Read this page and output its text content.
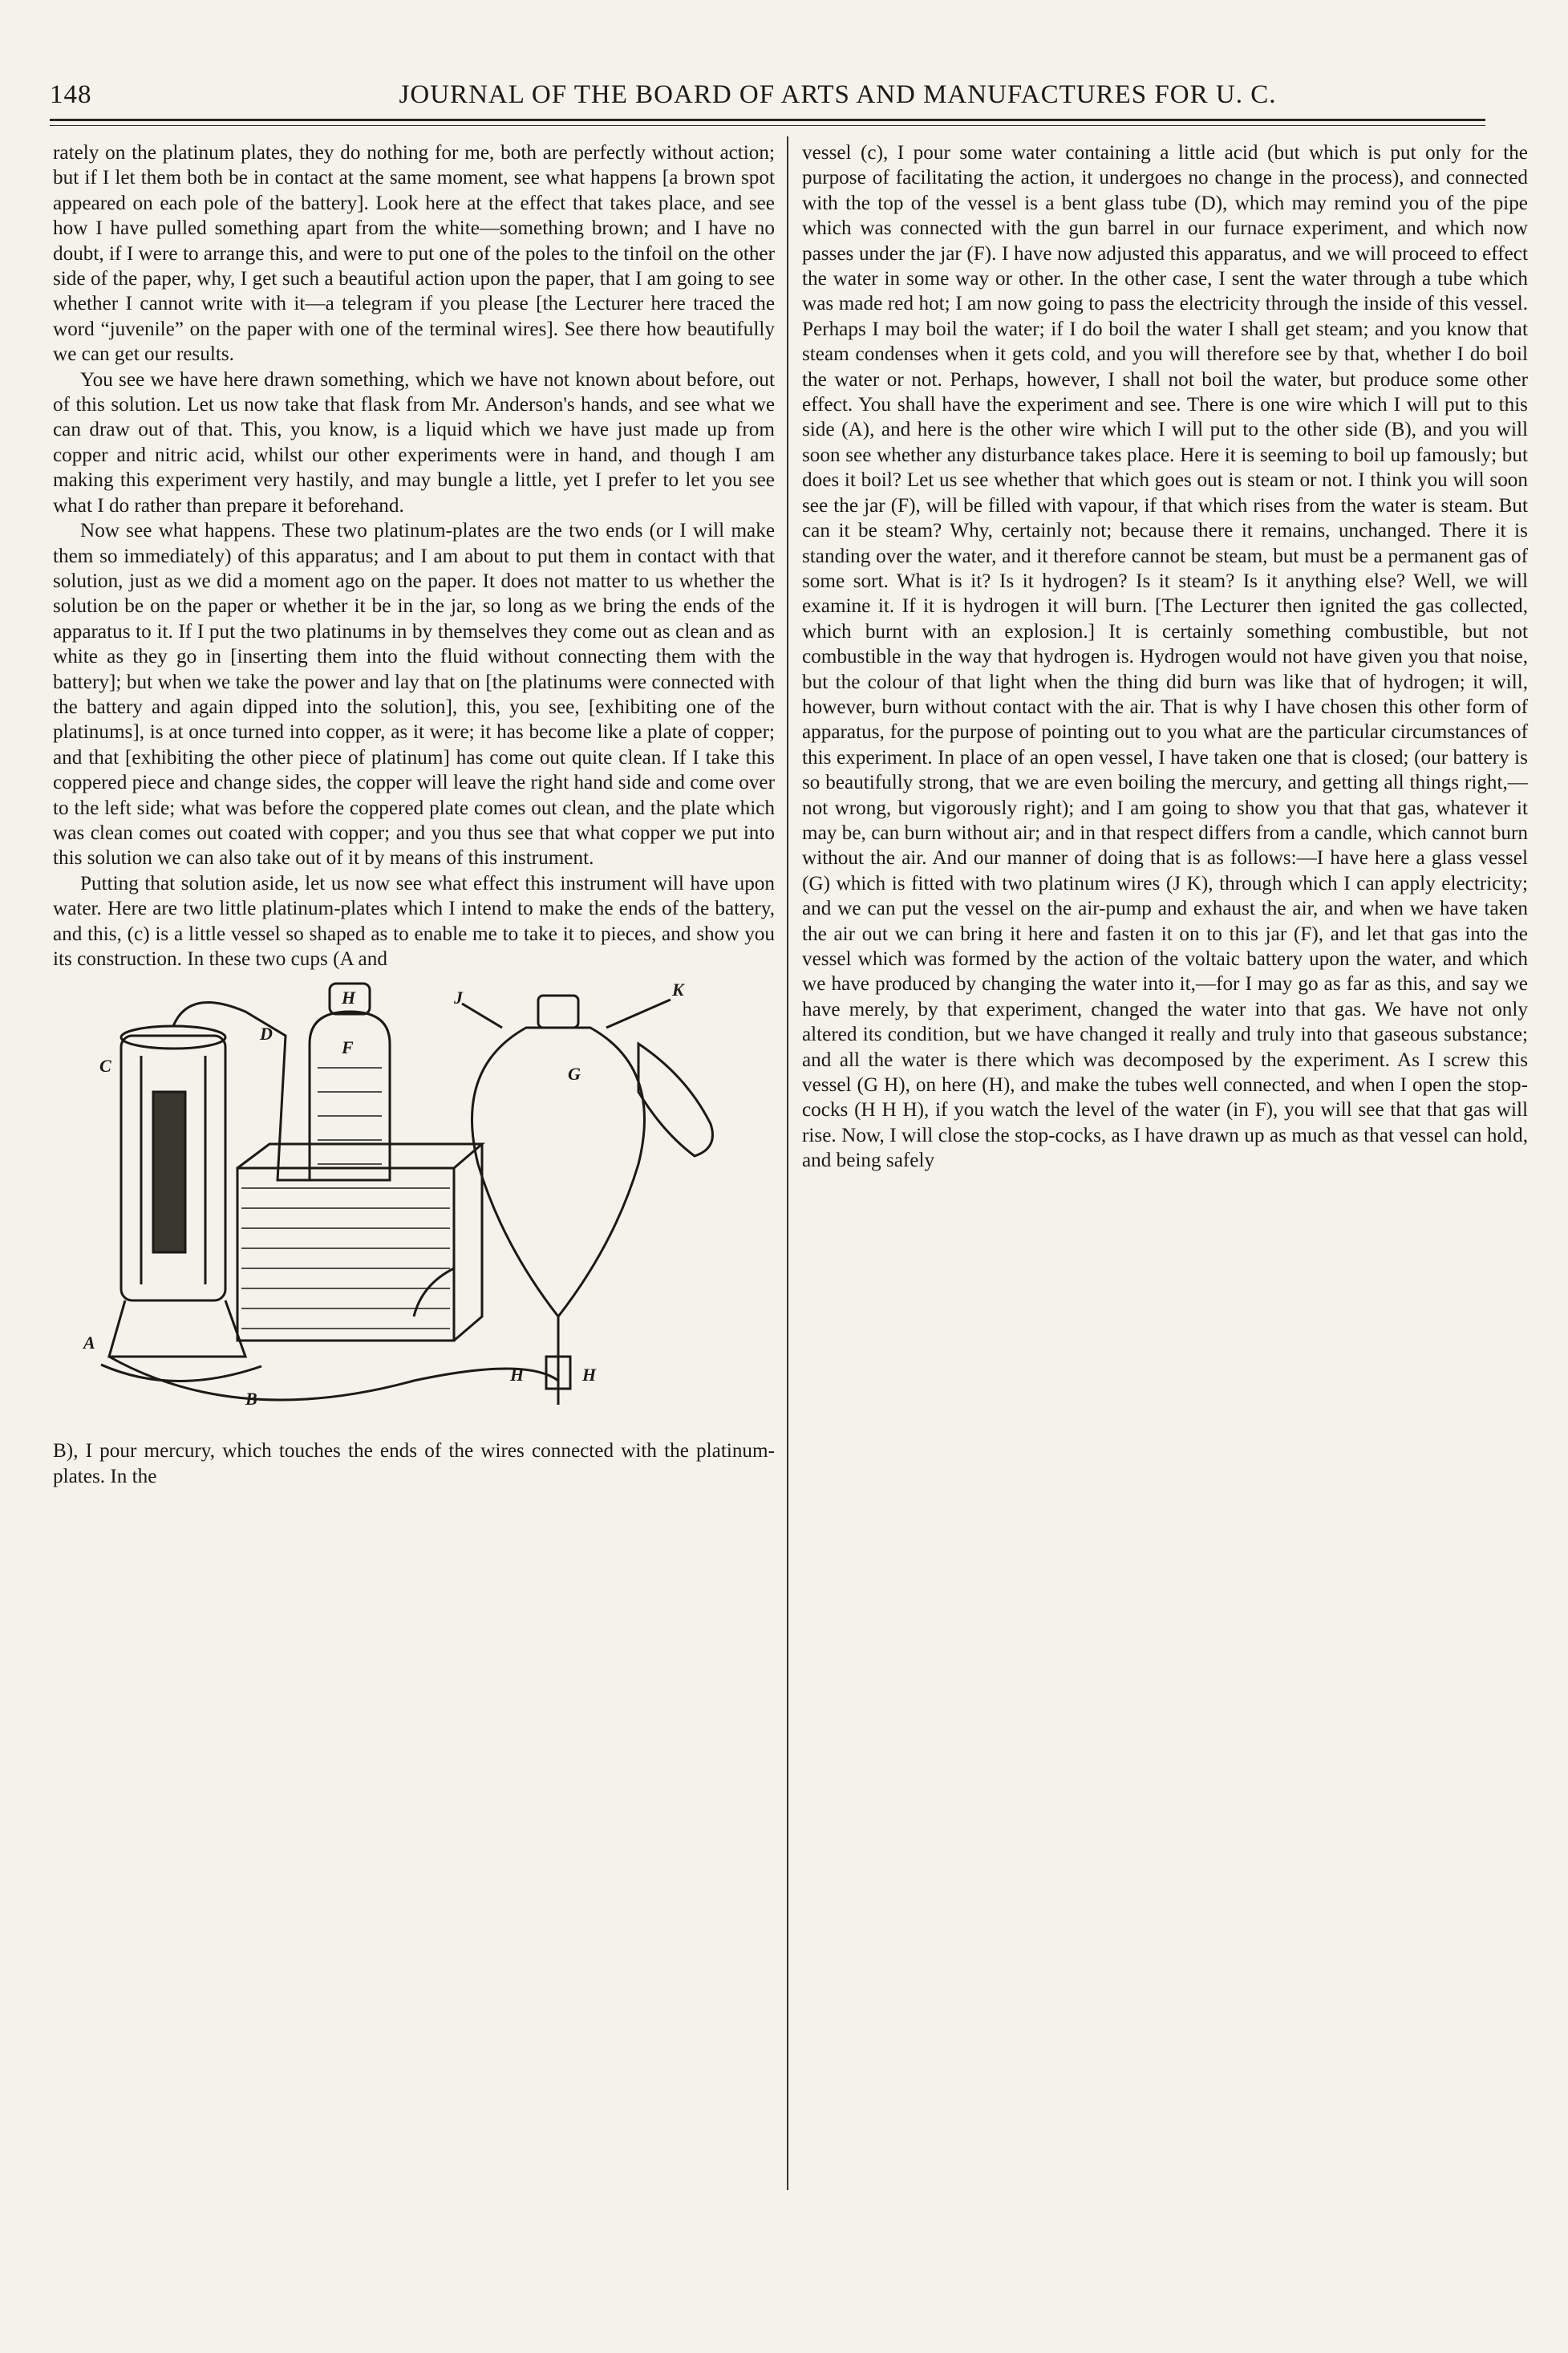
148	JOURNAL OF THE BOARD OF ARTS AND MANUFACTURES FOR U. C.

rately on the platinum plates, they do nothing for me, both are perfectly without action; but if I let them both be in contact at the same moment, see what happens [a brown spot appeared on each pole of the battery]. Look here at the effect that takes place, and see how I have pulled something apart from the white—something brown; and I have no doubt, if I were to arrange this, and were to put one of the poles to the tinfoil on the other side of the paper, why, I get such a beautiful action upon the paper, that I am going to see whether I cannot write with it—a telegram if you please [the Lecturer here traced the word “juvenile” on the paper with one of the terminal wires]. See there how beautifully we can get our results.

You see we have here drawn something, which we have not known about before, out of this solution. Let us now take that flask from Mr. Anderson's hands, and see what we can draw out of that. This, you know, is a liquid which we have just made up from copper and nitric acid, whilst our other experiments were in hand, and though I am making this experiment very hastily, and may bungle a little, yet I prefer to let you see what I do rather than prepare it beforehand.

Now see what happens. These two platinum-plates are the two ends (or I will make them so immediately) of this apparatus; and I am about to put them in contact with that solution, just as we did a moment ago on the paper. It does not matter to us whether the solution be on the paper or whether it be in the jar, so long as we bring the ends of the apparatus to it. If I put the two platinums in by themselves they come out as clean and as white as they go in [inserting them into the fluid without connecting them with the battery]; but when we take the power and lay that on [the platinums were connected with the battery and again dipped into the solution], this, you see, [exhibiting one of the platinums], is at once turned into copper, as it were; it has become like a plate of copper; and that [exhibiting the other piece of platinum] has come out quite clean. If I take this coppered piece and change sides, the copper will leave the right hand side and come over to the left side; what was before the coppered plate comes out clean, and the plate which was clean comes out coated with copper; and you thus see that what copper we put into this solution we can also take out of it by means of this instrument.

Putting that solution aside, let us now see what effect this instrument will have upon water. Here are two little platinum-plates which I intend to make the ends of the battery, and this, (c) is a little vessel so shaped as to enable me to take it to pieces, and show you its construction. In these two cups (A and

C
D
H
F
J	K
G
A
B
H	H

B), I pour mercury, which touches the ends of the wires connected with the platinum-plates. In the

vessel (c), I pour some water containing a little acid (but which is put only for the purpose of facilitating the action, it undergoes no change in the process), and connected with the top of the vessel is a bent glass tube (D), which may remind you of the pipe which was connected with the gun barrel in our furnace experiment, and which now passes under the jar (F). I have now adjusted this apparatus, and we will proceed to effect the water in some way or other. In the other case, I sent the water through a tube which was made red hot; I am now going to pass the electricity through the inside of this vessel. Perhaps I may boil the water; if I do boil the water I shall get steam; and you know that steam condenses when it gets cold, and you will therefore see by that, whether I do boil the water or not. Perhaps, however, I shall not boil the water, but produce some other effect. You shall have the experiment and see. There is one wire which I will put to this side (A), and here is the other wire which I will put to the other side (B), and you will soon see whether any disturbance takes place. Here it is seeming to boil up famously; but does it boil? Let us see whether that which goes out is steam or not. I think you will soon see the jar (F), will be filled with vapour, if that which rises from the water is steam. But can it be steam? Why, certainly not; because there it remains, unchanged. There it is standing over the water, and it therefore cannot be steam, but must be a permanent gas of some sort. What is it? Is it hydrogen? Is it steam? Is it anything else? Well, we will examine it. If it is hydrogen it will burn. [The Lecturer then ignited the gas collected, which burnt with an explosion.] It is certainly something combustible, but not combustible in the way that hydrogen is. Hydrogen would not have given you that noise, but the colour of that light when the thing did burn was like that of hydrogen; it will, however, burn without contact with the air. That is why I have chosen this other form of apparatus, for the purpose of pointing out to you what are the particular circumstances of this experiment. In place of an open vessel, I have taken one that is closed; (our battery is so beautifully strong, that we are even boiling the mercury, and getting all things right,—not wrong, but vigorously right); and I am going to show you that that gas, whatever it may be, can burn without air; and in that respect differs from a candle, which cannot burn without the air. And our manner of doing that is as follows:—I have here a glass vessel (G) which is fitted with two platinum wires (J K), through which I can apply electricity; and we can put the vessel on the air-pump and exhaust the air, and when we have taken the air out we can bring it here and fasten it on to this jar (F), and let that gas into the vessel which was formed by the action of the voltaic battery upon the water, and which we have produced by changing the water into it,—for I may go as far as this, and say we have merely, by that experiment, changed the water into that gas. We have not only altered its condition, but we have changed it really and truly into that gaseous substance; and all the water is there which was decomposed by the experiment. As I screw this vessel (G H), on here (H), and make the tubes well connected, and when I open the stop-cocks (H H H), if you watch the level of the water (in F), you will see that that gas will rise. Now, I will close the stop-cocks, as I have drawn up as much as that vessel can hold, and being safely
